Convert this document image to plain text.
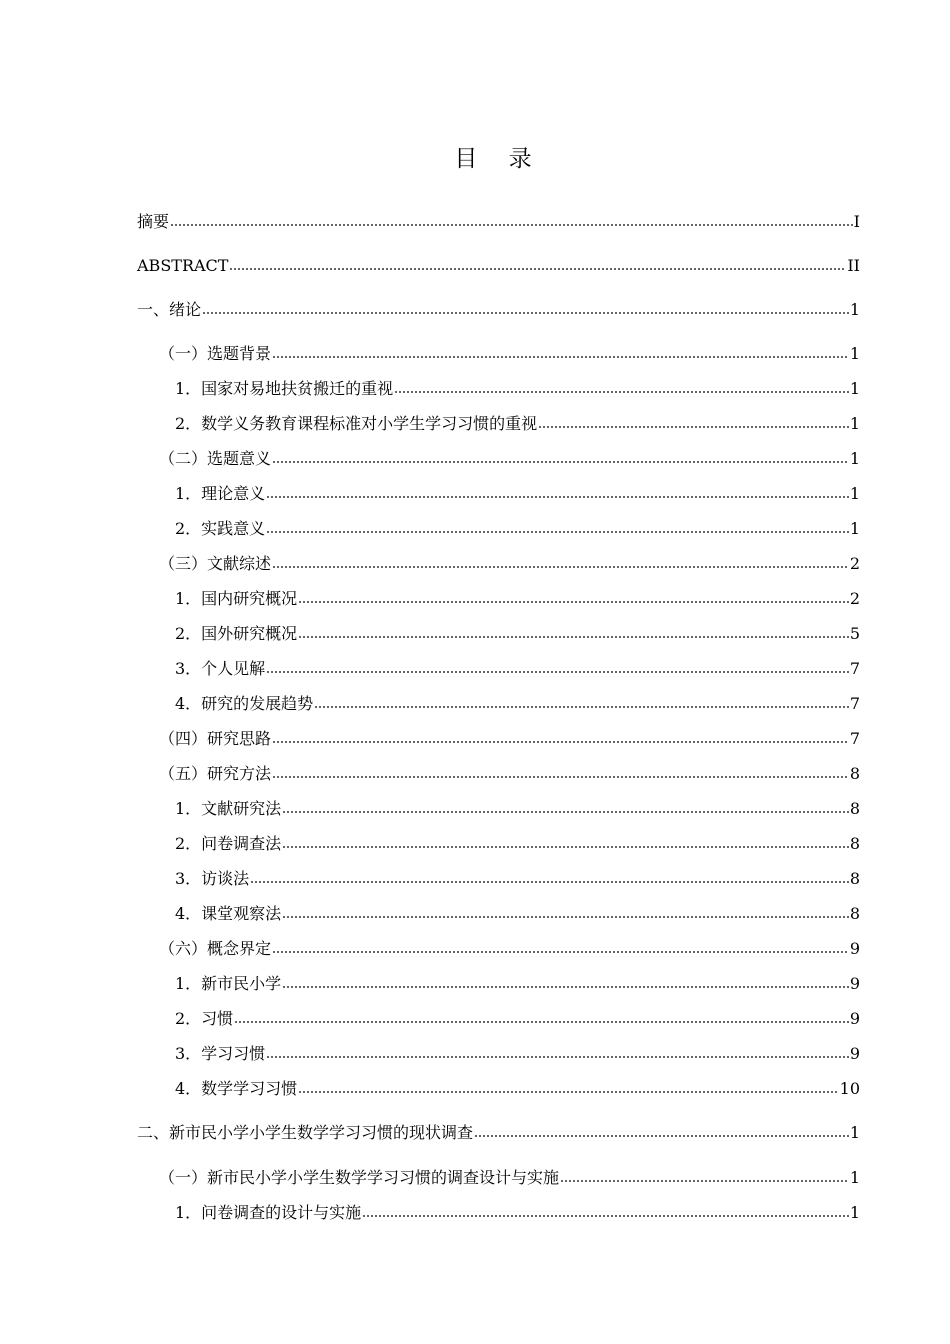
目 录
摘要	I
ABSTRACT	II
一、绪论	1
（一）选题背景	1
1．国家对易地扶贫搬迁的重视	1
2．数学义务教育课程标准对小学生学习习惯的重视	1
（二）选题意义	1
1．理论意义	1
2．实践意义	1
（三）文献综述	2
1．国内研究概况	2
2．国外研究概况	5
3．个人见解	7
4．研究的发展趋势	7
（四）研究思路	7
（五）研究方法	8
1．文献研究法	8
2．问卷调查法	8
3．访谈法	8
4．课堂观察法	8
（六）概念界定	9
1．新市民小学	9
2．习惯	9
3．学习习惯	9
4．数学学习习惯	10
二、新市民小学小学生数学学习习惯的现状调查	1
（一）新市民小学小学生数学学习习惯的调查设计与实施	1
1．问卷调查的设计与实施	1
